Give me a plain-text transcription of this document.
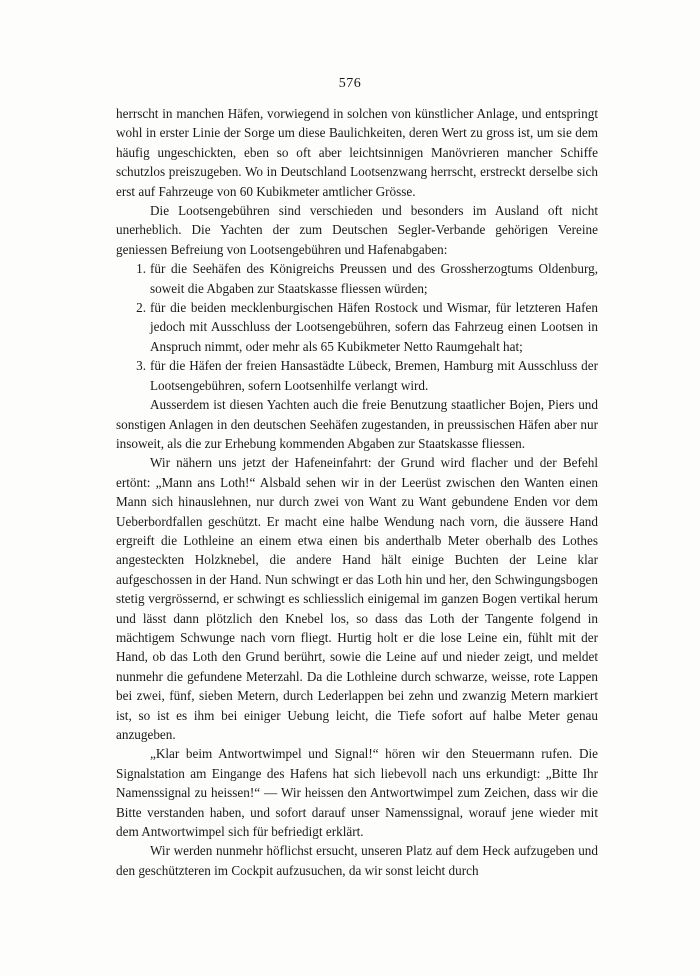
576

herrscht in manchen Häfen, vorwiegend in solchen von künstlicher Anlage, und entspringt wohl in erster Linie der Sorge um diese Baulichkeiten, deren Wert zu gross ist, um sie dem häufig ungeschickten, eben so oft aber leichtsinnigen Manövrieren mancher Schiffe schutzlos preiszugeben. Wo in Deutschland Lootsenzwang herrscht, erstreckt derselbe sich erst auf Fahrzeuge von 60 Kubikmeter amtlicher Grösse.

Die Lootsengebühren sind verschieden und besonders im Ausland oft nicht unerheblich. Die Yachten der zum Deutschen Segler-Verbande gehörigen Vereine geniessen Befreiung von Lootsengebühren und Hafenabgaben:

1. für die Seehäfen des Königreichs Preussen und des Grossherzogtums Oldenburg, soweit die Abgaben zur Staatskasse fliessen würden;
2. für die beiden mecklenburgischen Häfen Rostock und Wismar, für letzteren Hafen jedoch mit Ausschluss der Lootsengebühren, sofern das Fahrzeug einen Lootsen in Anspruch nimmt, oder mehr als 65 Kubikmeter Netto Raumgehalt hat;
3. für die Häfen der freien Hansastädte Lübeck, Bremen, Hamburg mit Ausschluss der Lootsengebühren, sofern Lootsenhilfe verlangt wird.

Ausserdem ist diesen Yachten auch die freie Benutzung staatlicher Bojen, Piers und sonstigen Anlagen in den deutschen Seehäfen zugestanden, in preussischen Häfen aber nur insoweit, als die zur Erhebung kommenden Abgaben zur Staatskasse fliessen.

Wir nähern uns jetzt der Hafeneinfahrt: der Grund wird flacher und der Befehl ertönt: „Mann ans Loth!“ Alsbald sehen wir in der Leerüst zwischen den Wanten einen Mann sich hinauslehnen, nur durch zwei von Want zu Want gebundene Enden vor dem Ueberbordfallen geschützt. Er macht eine halbe Wendung nach vorn, die äussere Hand ergreift die Lothleine an einem etwa einen bis anderthalb Meter oberhalb des Lothes angesteckten Holzknebel, die andere Hand hält einige Buchten der Leine klar aufgeschossen in der Hand. Nun schwingt er das Loth hin und her, den Schwingungsbogen stetig vergrössernd, er schwingt es schliesslich einigemal im ganzen Bogen vertikal herum und lässt dann plötzlich den Knebel los, so dass das Loth der Tangente folgend in mächtigem Schwunge nach vorn fliegt. Hurtig holt er die lose Leine ein, fühlt mit der Hand, ob das Loth den Grund berührt, sowie die Leine auf und nieder zeigt, und meldet nunmehr die gefundene Meterzahl. Da die Lothleine durch schwarze, weisse, rote Lappen bei zwei, fünf, sieben Metern, durch Lederlappen bei zehn und zwanzig Metern markiert ist, so ist es ihm bei einiger Uebung leicht, die Tiefe sofort auf halbe Meter genau anzugeben.

„Klar beim Antwortwimpel und Signal!“ hören wir den Steuermann rufen. Die Signalstation am Eingange des Hafens hat sich liebevoll nach uns erkundigt: „Bitte Ihr Namenssignal zu heissen!“ — Wir heissen den Antwortwimpel zum Zeichen, dass wir die Bitte verstanden haben, und sofort darauf unser Namenssignal, worauf jene wieder mit dem Antwortwimpel sich für befriedigt erklärt.

Wir werden nunmehr höflichst ersucht, unseren Platz auf dem Heck aufzugeben und den geschützteren im Cockpit aufzusuchen, da wir sonst leicht durch
